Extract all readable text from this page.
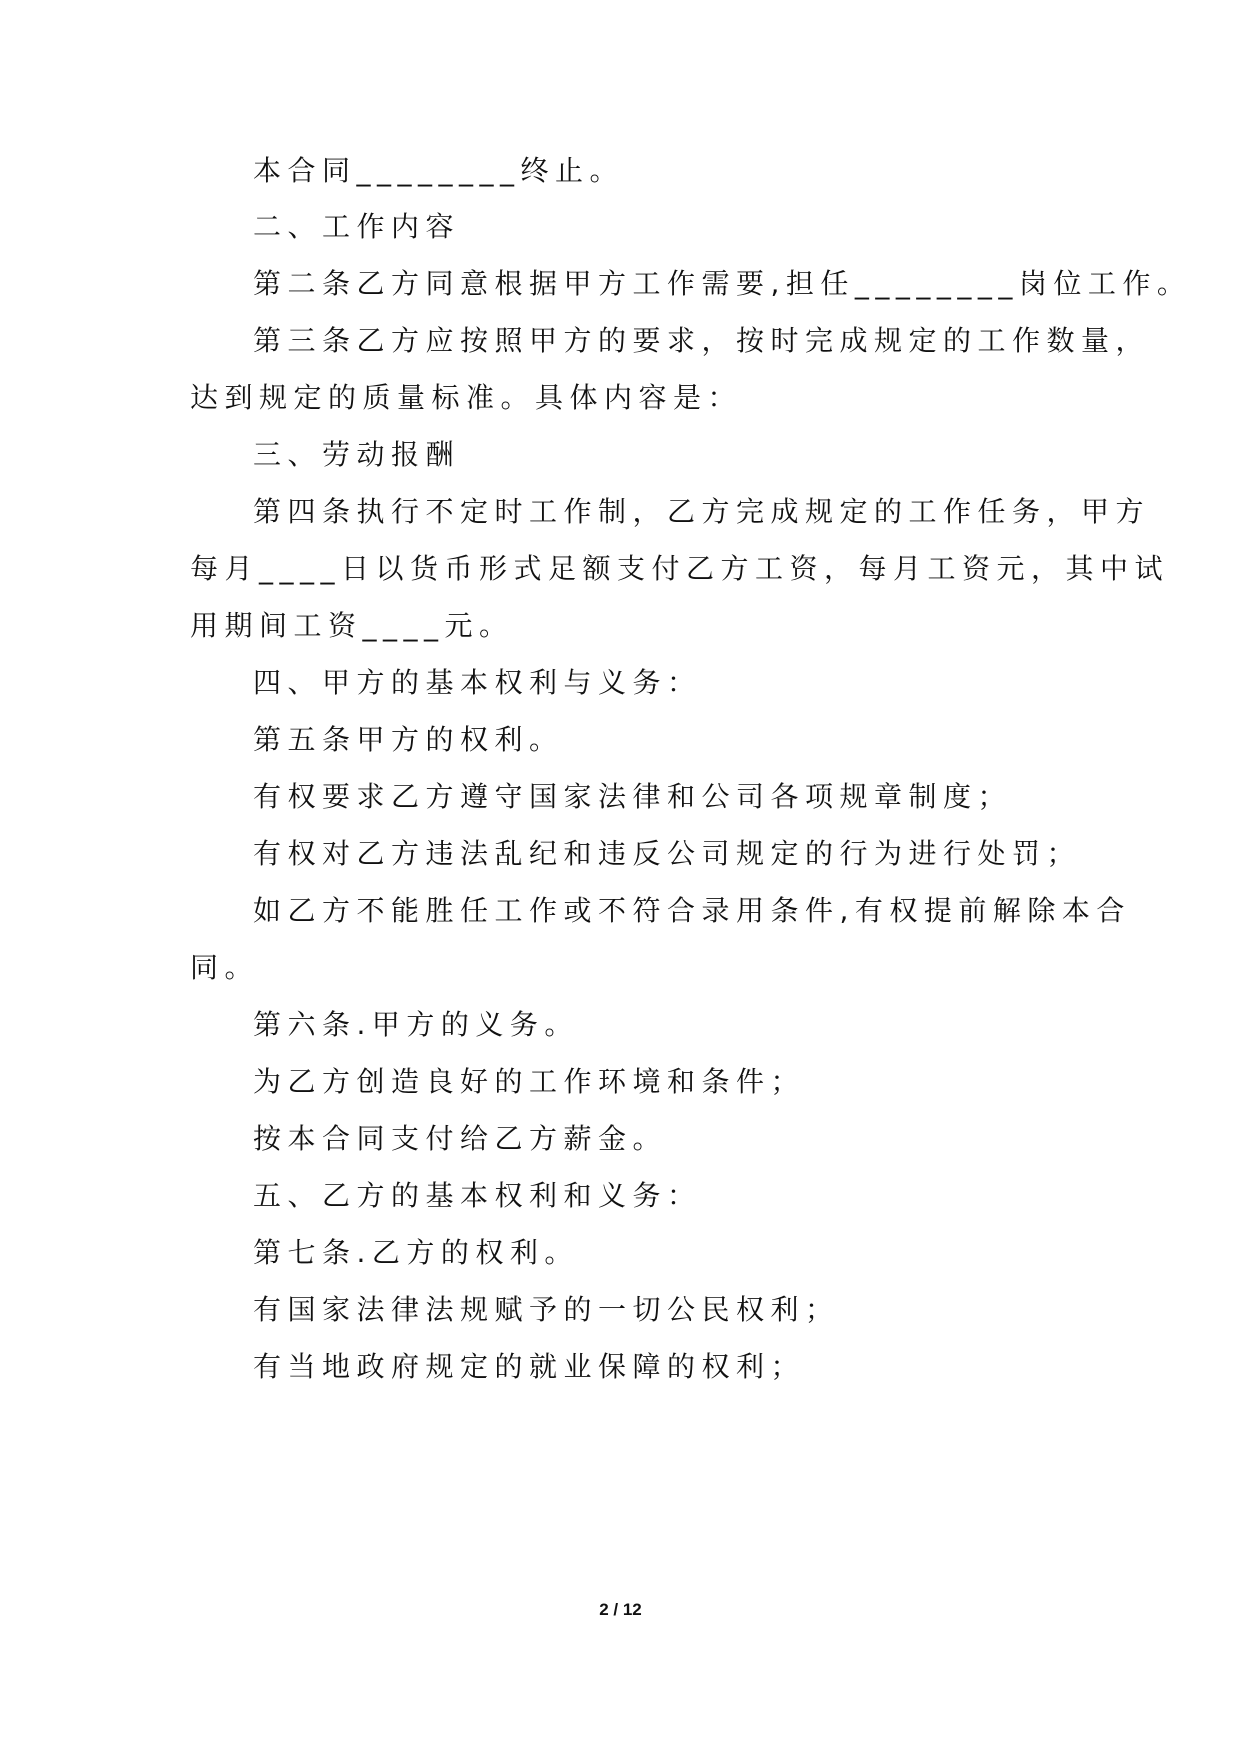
本合同________终止。

二、工作内容

第二条乙方同意根据甲方工作需要,担任________岗位工作。

第三条乙方应按照甲方的要求，按时完成规定的工作数量，

达到规定的质量标准。具体内容是：

三、劳动报酬

第四条执行不定时工作制，乙方完成规定的工作任务，甲方

每月____日以货币形式足额支付乙方工资，每月工资元，其中试

用期间工资____元。

四、甲方的基本权利与义务：

第五条甲方的权利。

有权要求乙方遵守国家法律和公司各项规章制度；

有权对乙方违法乱纪和违反公司规定的行为进行处罚；

如乙方不能胜任工作或不符合录用条件,有权提前解除本合

同。

第六条.甲方的义务。

为乙方创造良好的工作环境和条件；

按本合同支付给乙方薪金。

五、乙方的基本权利和义务：

第七条.乙方的权利。

有国家法律法规赋予的一切公民权利；

有当地政府规定的就业保障的权利；

2 / 12
